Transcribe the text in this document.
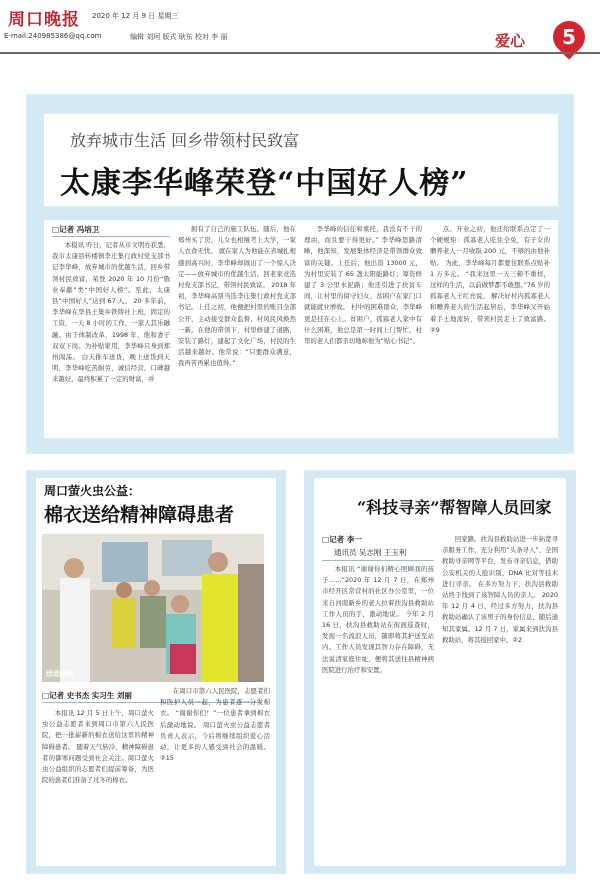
周口晚报 2020 年 12 月 9 日 星期三
E-mail:240985386@qq.com	编辑 刘珂 版式 耿东 校对 李 丽	爱心	5
放弃城市生活 回乡带领村民致富
太康李华峰荣登“中国好人榜”
□记者 冯培卫

本报讯 昨日，记者从市文明办获悉，我市太康县转楼镇李庄集行政村党支部书记李华峰，放弃城市的优越生活，回乡带领村民致富，荣登 2020 年 10 月份“敬业奉献”类“中国好人榜”。至此，太康县“中国好人”达到 67 人。 20 多年前，李华峰在华县王集乡铁铸社上班，固定的工资，一天 8 小时的工作，一家人其乐融融。由于体制改革，1998 年，他和妻子双双下岗。为补贴家用，李华峰只身到郑州闯荡。 白天推车送货，晚上送货到天明，李华峰吃苦耐劳，诚信经营，口碑越来越好，最终积累了一定的财富，并

拥有了自己的施工队伍。随后，他在郑州买了房，儿女也相继考上大学，一家人衣食无忧。 就在家人为他能在省城扎根感到高兴时，李华峰却做出了一个惊人决定——放弃城市的优越生活，回老家竞选村党支部书记，带领村民致富。 2018 年初，李华峰高票当选李庄集行政村党支部书记。上任之初，他便把村里的账目全部公开，主动接受群众监督，村风民风焕然一新。在他的带领下，村里修建了道路，安装了路灯，建起了文化广场，村民的生活越来越好。他常说：“只要群众满意，我再苦再累也值得。”

李华峰的信任和重托，我没有不干的理由，而且要干得更好。” 李华峰思路清晰，他深知，发展集体经济是带领群众致富的关键。上任后，他出资 13000 元，为村里安装了 65 盏太阳能路灯；筹资修建了 3 公里水泥路；他还引进了扶贫车间，让村里的留守妇女、贫困户在家门口就能就业增收。 村中的困难群众，李华峰更是挂在心上。贫困户、孤寡老人家中有什么困难，他总是第一时间上门帮忙，村里的老人们都亲切地称他为“贴心书记”。

点。开业之初，他还给联系点定了一个硬规矩：孤寡老人吃住全免，有子女的赡养老人一月收取 200 元，不够的由他补贴。 为此，李华峰每月都要往联系点贴补 1 万多元。 “我来这里一天三顿不重样，这样的生活，以前做梦都不敢想。”76 岁的孤寡老人王红亮说。 解决好村内孤寡老人和赡养老人的生活起居后，李华峰又开始着手土地流转，带领村民走上了致富路。②9

周口萤火虫公益：
棉衣送给精神障碍患者
活动现场
□记者 史书杰 实习生 刘丽

本报讯 12 月 5 日上午，周口萤火虫公益志愿者来到周口市第六人民医院，把一批崭新的棉衣送给这里的精神障碍患者。 随着天气转冷，精神障碍患者的御寒问题受到社会关注。周口萤火虫公益组织的志愿者们提前筹备，为医院的患者们准备了过冬的棉衣。

在周口市第六人民医院，志愿者们和医护人员一起，为患者逐一分发棉衣。 “谢谢你们！”一位患者拿到棉衣后激动地说。 周口萤火虫公益志愿者负责人表示，今后将继续组织爱心活动，让更多的人感受到社会的温暖。②15

“科技寻亲”帮智障人员回家
□记者 李一
通讯员 吴志刚 王玉利

本报讯 “谢谢你们精心照顾我的孩子……”2020 年 12 月 7 日，在郑州市经开区常营村的社区办公室里，一位来自河南新乡的老人拉着扶沟县救助站工作人员的手，激动地说。 今年 2 月 16 日，扶沟县救助站在街面巡查时，发现一名流浪人员，随即将其护送至站内。工作人员发现其智力存在障碍，无法说清家庭住址，便将其送往县精神病医院进行治疗和安置。

回家路。扶沟县救助站进一步拓宽寻亲服务工作，充分利用“头条寻人”、全国救助寻亲网等平台，发布寻亲信息，借助公安机关的人脸识别、DNA 比对等技术进行寻亲。 在多方努力下，扶沟县救助站终于找到了该智障人员的亲人。 2020 年 12 月 4 日，经过多方努力，扶沟县救助站确认了该男子的身份信息，随后通知其家属。12 月 7 日，家属来到扶沟县救助站，将其接回家中。②2
